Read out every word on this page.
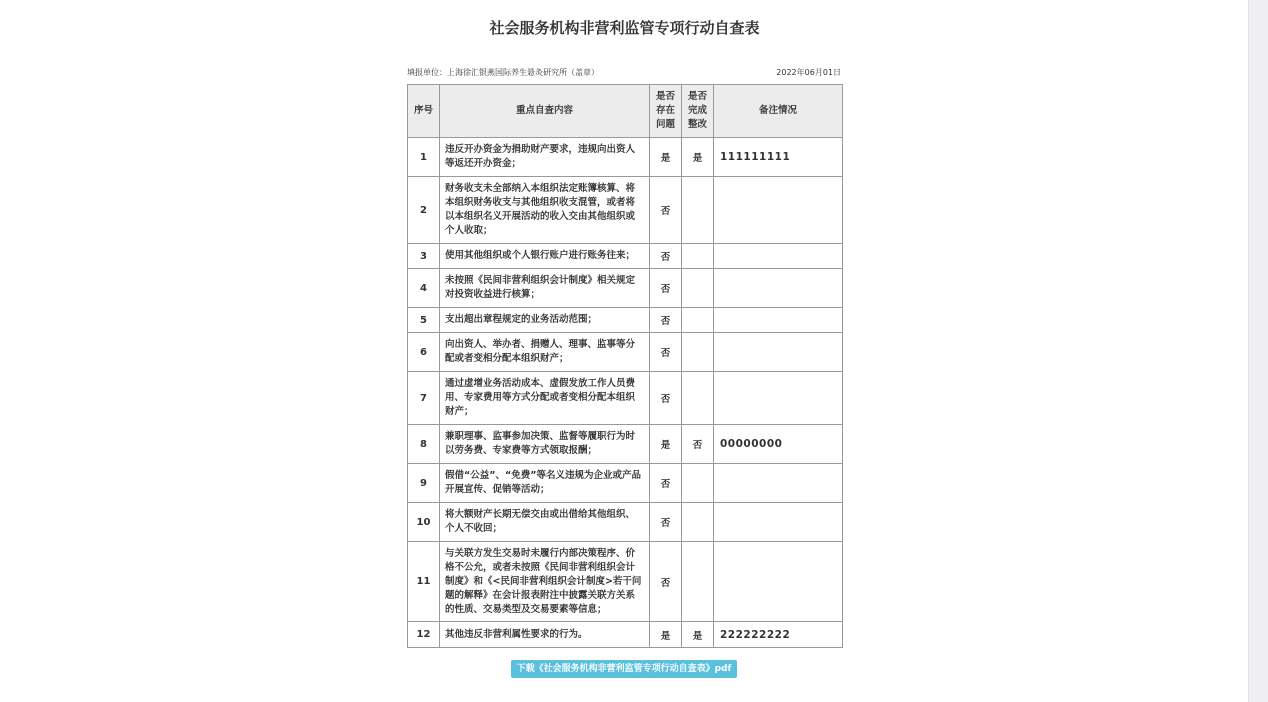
社会服务机构非营利监管专项行动自查表
填报单位：上海徐汇银燕国际养生悬灸研究所（盖章）	2022年06月01日
序号	重点自查内容	是否存在问题	是否完成整改	备注情况
1	违反开办资金为捐助财产要求，违规向出资人等返还开办资金；	是	是	111111111
2	财务收支未全部纳入本组织法定账簿核算、将本组织财务收支与其他组织收支混管，或者将以本组织名义开展活动的收入交由其他组织或个人收取；	否		
3	使用其他组织或个人银行账户进行账务往来；	否		
4	未按照《民间非营利组织会计制度》相关规定对投资收益进行核算；	否		
5	支出超出章程规定的业务活动范围；	否		
6	向出资人、举办者、捐赠人、理事、监事等分配或者变相分配本组织财产；	否		
7	通过虚增业务活动成本、虚假发放工作人员费用、专家费用等方式分配或者变相分配本组织财产；	否		
8	兼职理事、监事参加决策、监督等履职行为时以劳务费、专家费等方式领取报酬；	是	否	00000000
9	假借“公益”、“免费”等名义违规为企业或产品开展宣传、促销等活动；	否		
10	将大额财产长期无偿交由或出借给其他组织、个人不收回；	否		
11	与关联方发生交易时未履行内部决策程序、价格不公允，或者未按照《民间非营利组织会计制度》和《<民间非营利组织会计制度>若干问题的解释》在会计报表附注中披露关联方关系的性质、交易类型及交易要素等信息；	否		
12	其他违反非营利属性要求的行为。	是	是	222222222
下载《社会服务机构非营利监管专项行动自查表》pdf
